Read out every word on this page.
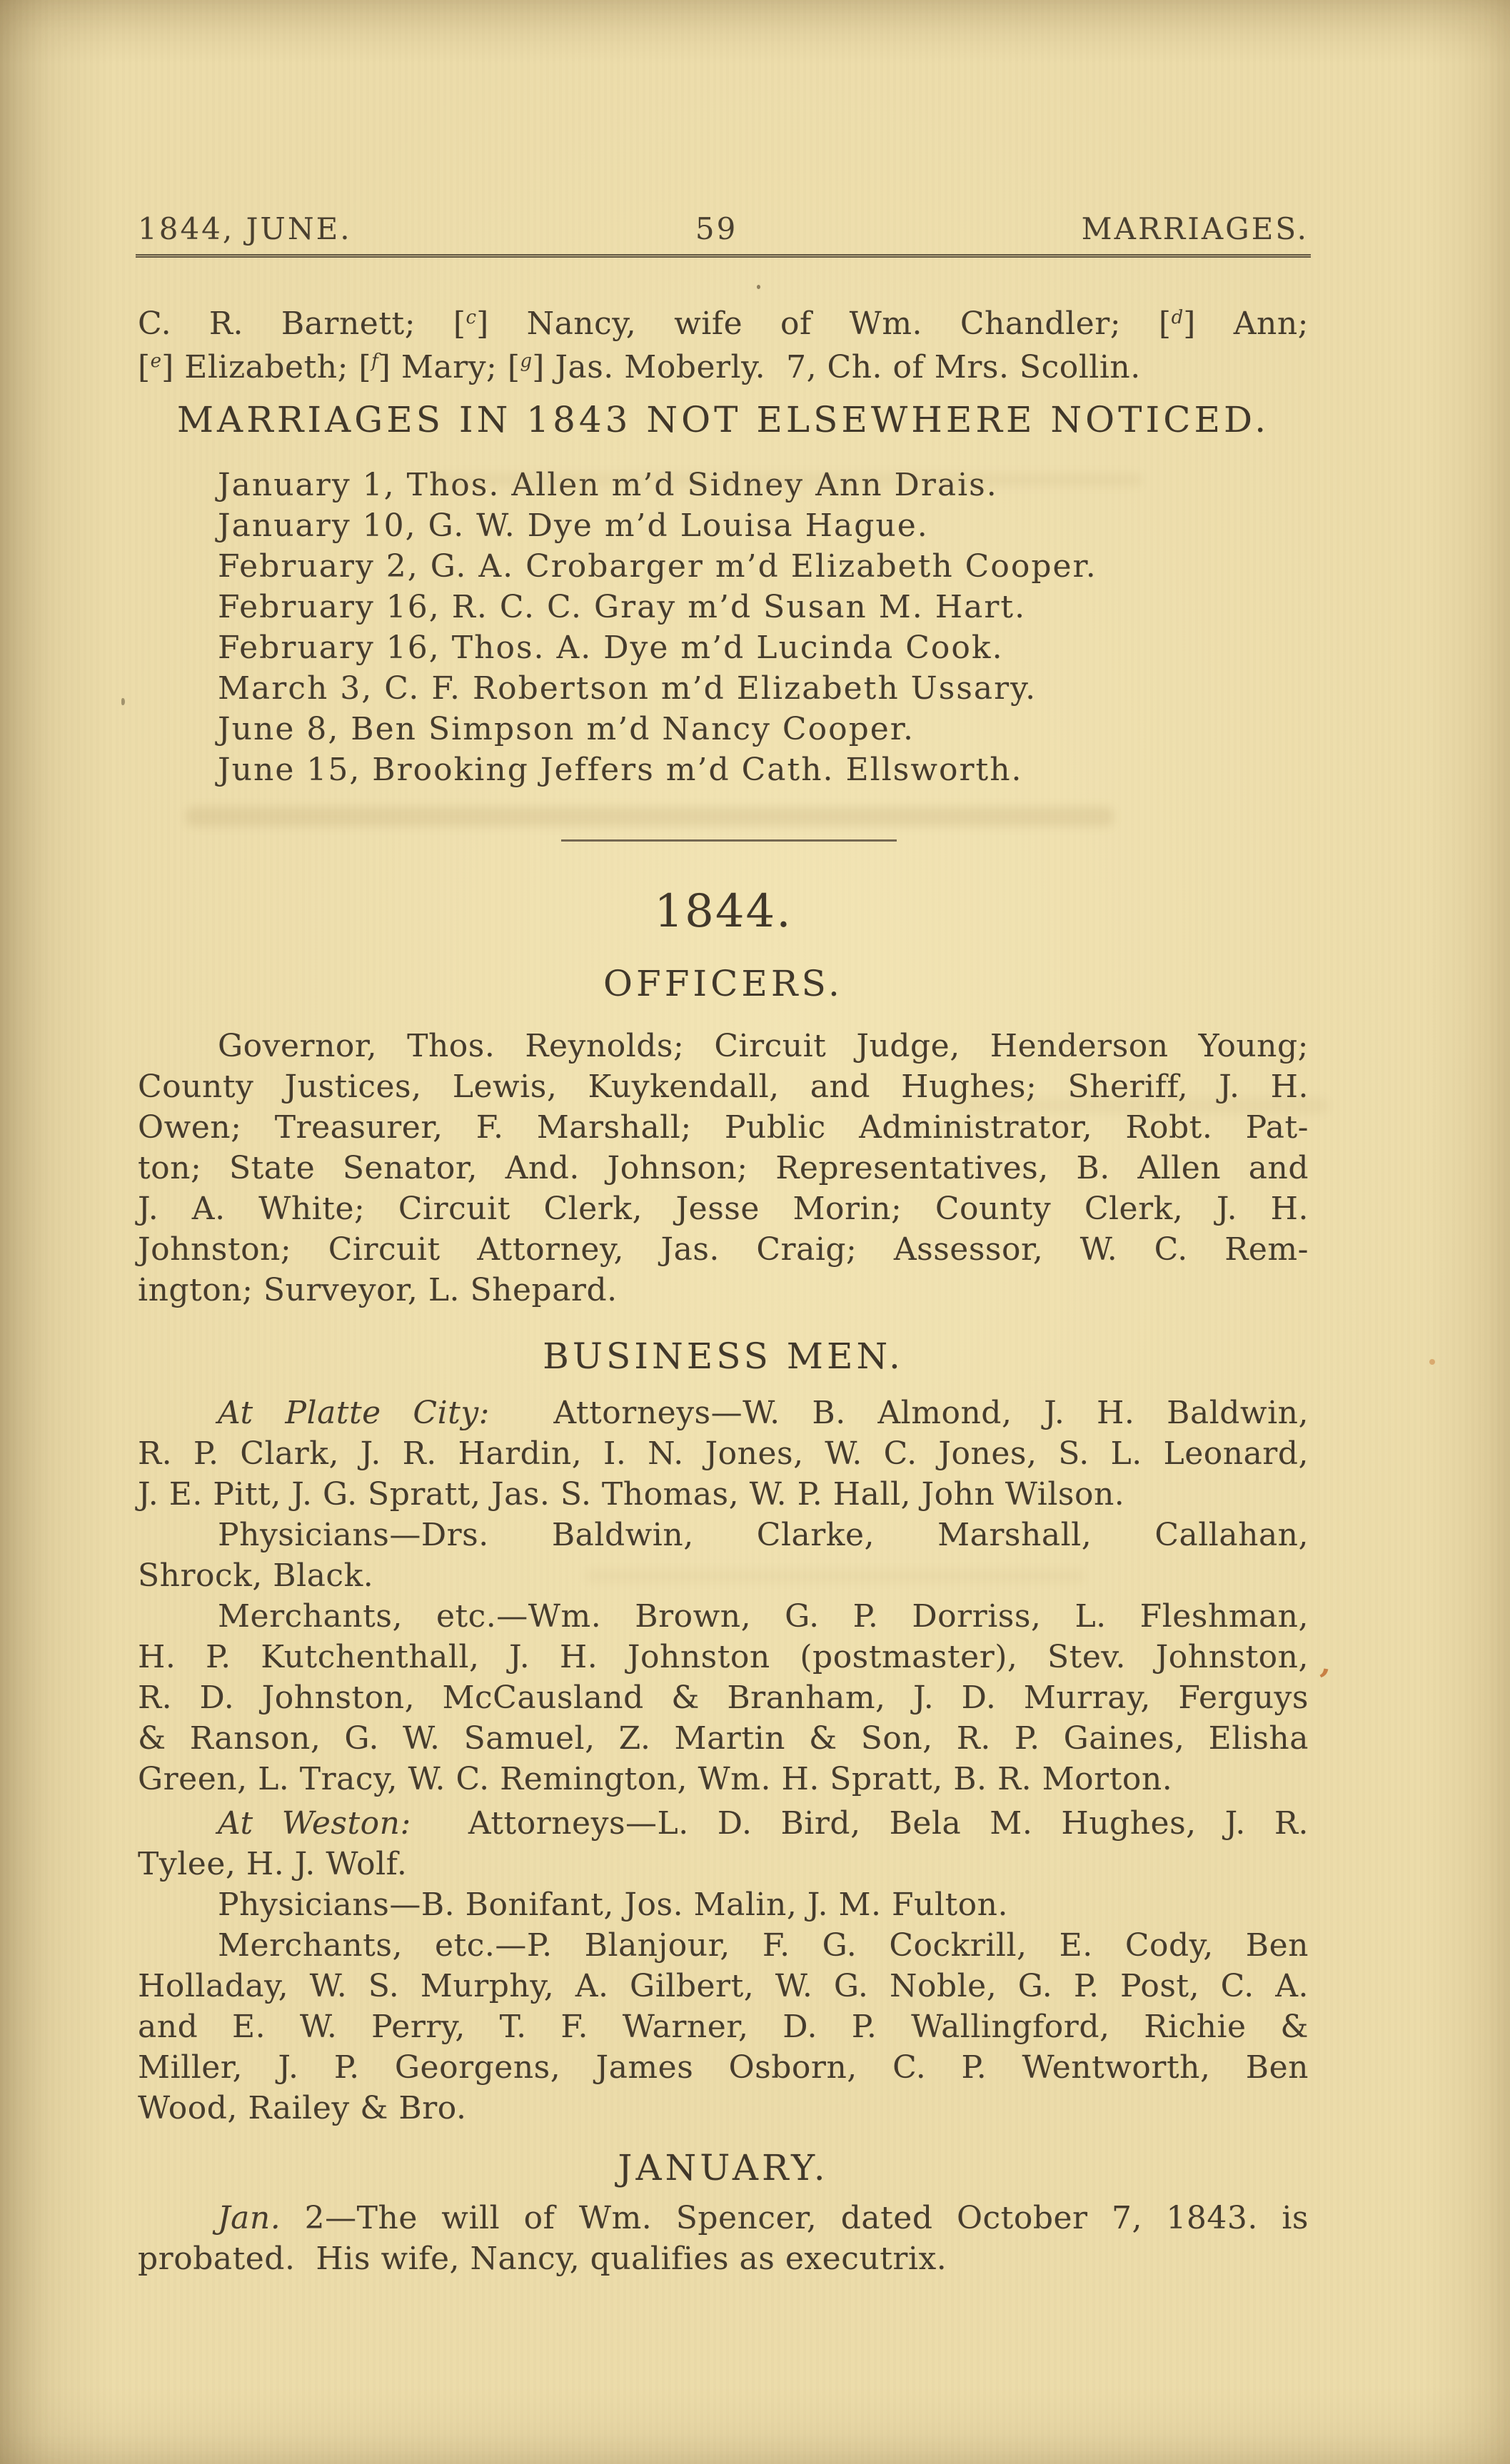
1844, JUNE.	59	MARRIAGES.
C. R. Barnett; [$^c$] Nancy, wife of Wm. Chandler; [$^d$] Ann;
[$^e$] Elizabeth; [$^f$] Mary; [$^g$] Jas. Moberly.  7, Ch. of Mrs. Scollin.
MARRIAGES IN 1843 NOT ELSEWHERE NOTICED.
January 1, Thos. Allen m’d Sidney Ann Drais.
January 10, G. W. Dye m’d Louisa Hague.
February 2, G. A. Crobarger m’d Elizabeth Cooper.
February 16, R. C. C. Gray m’d Susan M. Hart.
February 16, Thos. A. Dye m’d Lucinda Cook.
March 3, C. F. Robertson m’d Elizabeth Ussary.
June 8, Ben Simpson m’d Nancy Cooper.
June 15, Brooking Jeffers m’d Cath. Ellsworth.
1844.
OFFICERS.
Governor, Thos. Reynolds; Circuit Judge, Henderson Young;
County Justices, Lewis, Kuykendall, and Hughes; Sheriff, J. H.
Owen; Treasurer, F. Marshall; Public Administrator, Robt. Pat-
ton; State Senator, And. Johnson; Representatives, B. Allen and
J. A. White; Circuit Clerk, Jesse Morin; County Clerk, J. H.
Johnston; Circuit Attorney, Jas. Craig; Assessor, W. C. Rem-
ington; Surveyor, L. Shepard.
BUSINESS MEN.
At Platte City:  Attorneys—W. B. Almond, J. H. Baldwin,
R. P. Clark, J. R. Hardin, I. N. Jones, W. C. Jones, S. L. Leonard,
J. E. Pitt, J. G. Spratt, Jas. S. Thomas, W. P. Hall, John Wilson.
Physicians—Drs. Baldwin, Clarke, Marshall, Callahan,
Shrock, Black.
Merchants, etc.—Wm. Brown, G. P. Dorriss, L. Fleshman,
H. P. Kutchenthall, J. H. Johnston (postmaster), Stev. Johnston,
R. D. Johnston, McCausland & Branham, J. D. Murray, Ferguys
& Ranson, G. W. Samuel, Z. Martin & Son, R. P. Gaines, Elisha
Green, L. Tracy, W. C. Remington, Wm. H. Spratt, B. R. Morton.
At Weston:  Attorneys—L. D. Bird, Bela M. Hughes, J. R.
Tylee, H. J. Wolf.
Physicians—B. Bonifant, Jos. Malin, J. M. Fulton.
Merchants, etc.—P. Blanjour, F. G. Cockrill, E. Cody, Ben
Holladay, W. S. Murphy, A. Gilbert, W. G. Noble, G. P. Post, C. A.
and E. W. Perry, T. F. Warner, D. P. Wallingford, Richie &
Miller, J. P. Georgens, James Osborn, C. P. Wentworth, Ben
Wood, Railey & Bro.
JANUARY.
Jan. 2—The will of Wm. Spencer, dated October 7, 1843. is
probated.  His wife, Nancy, qualifies as executrix.
’
